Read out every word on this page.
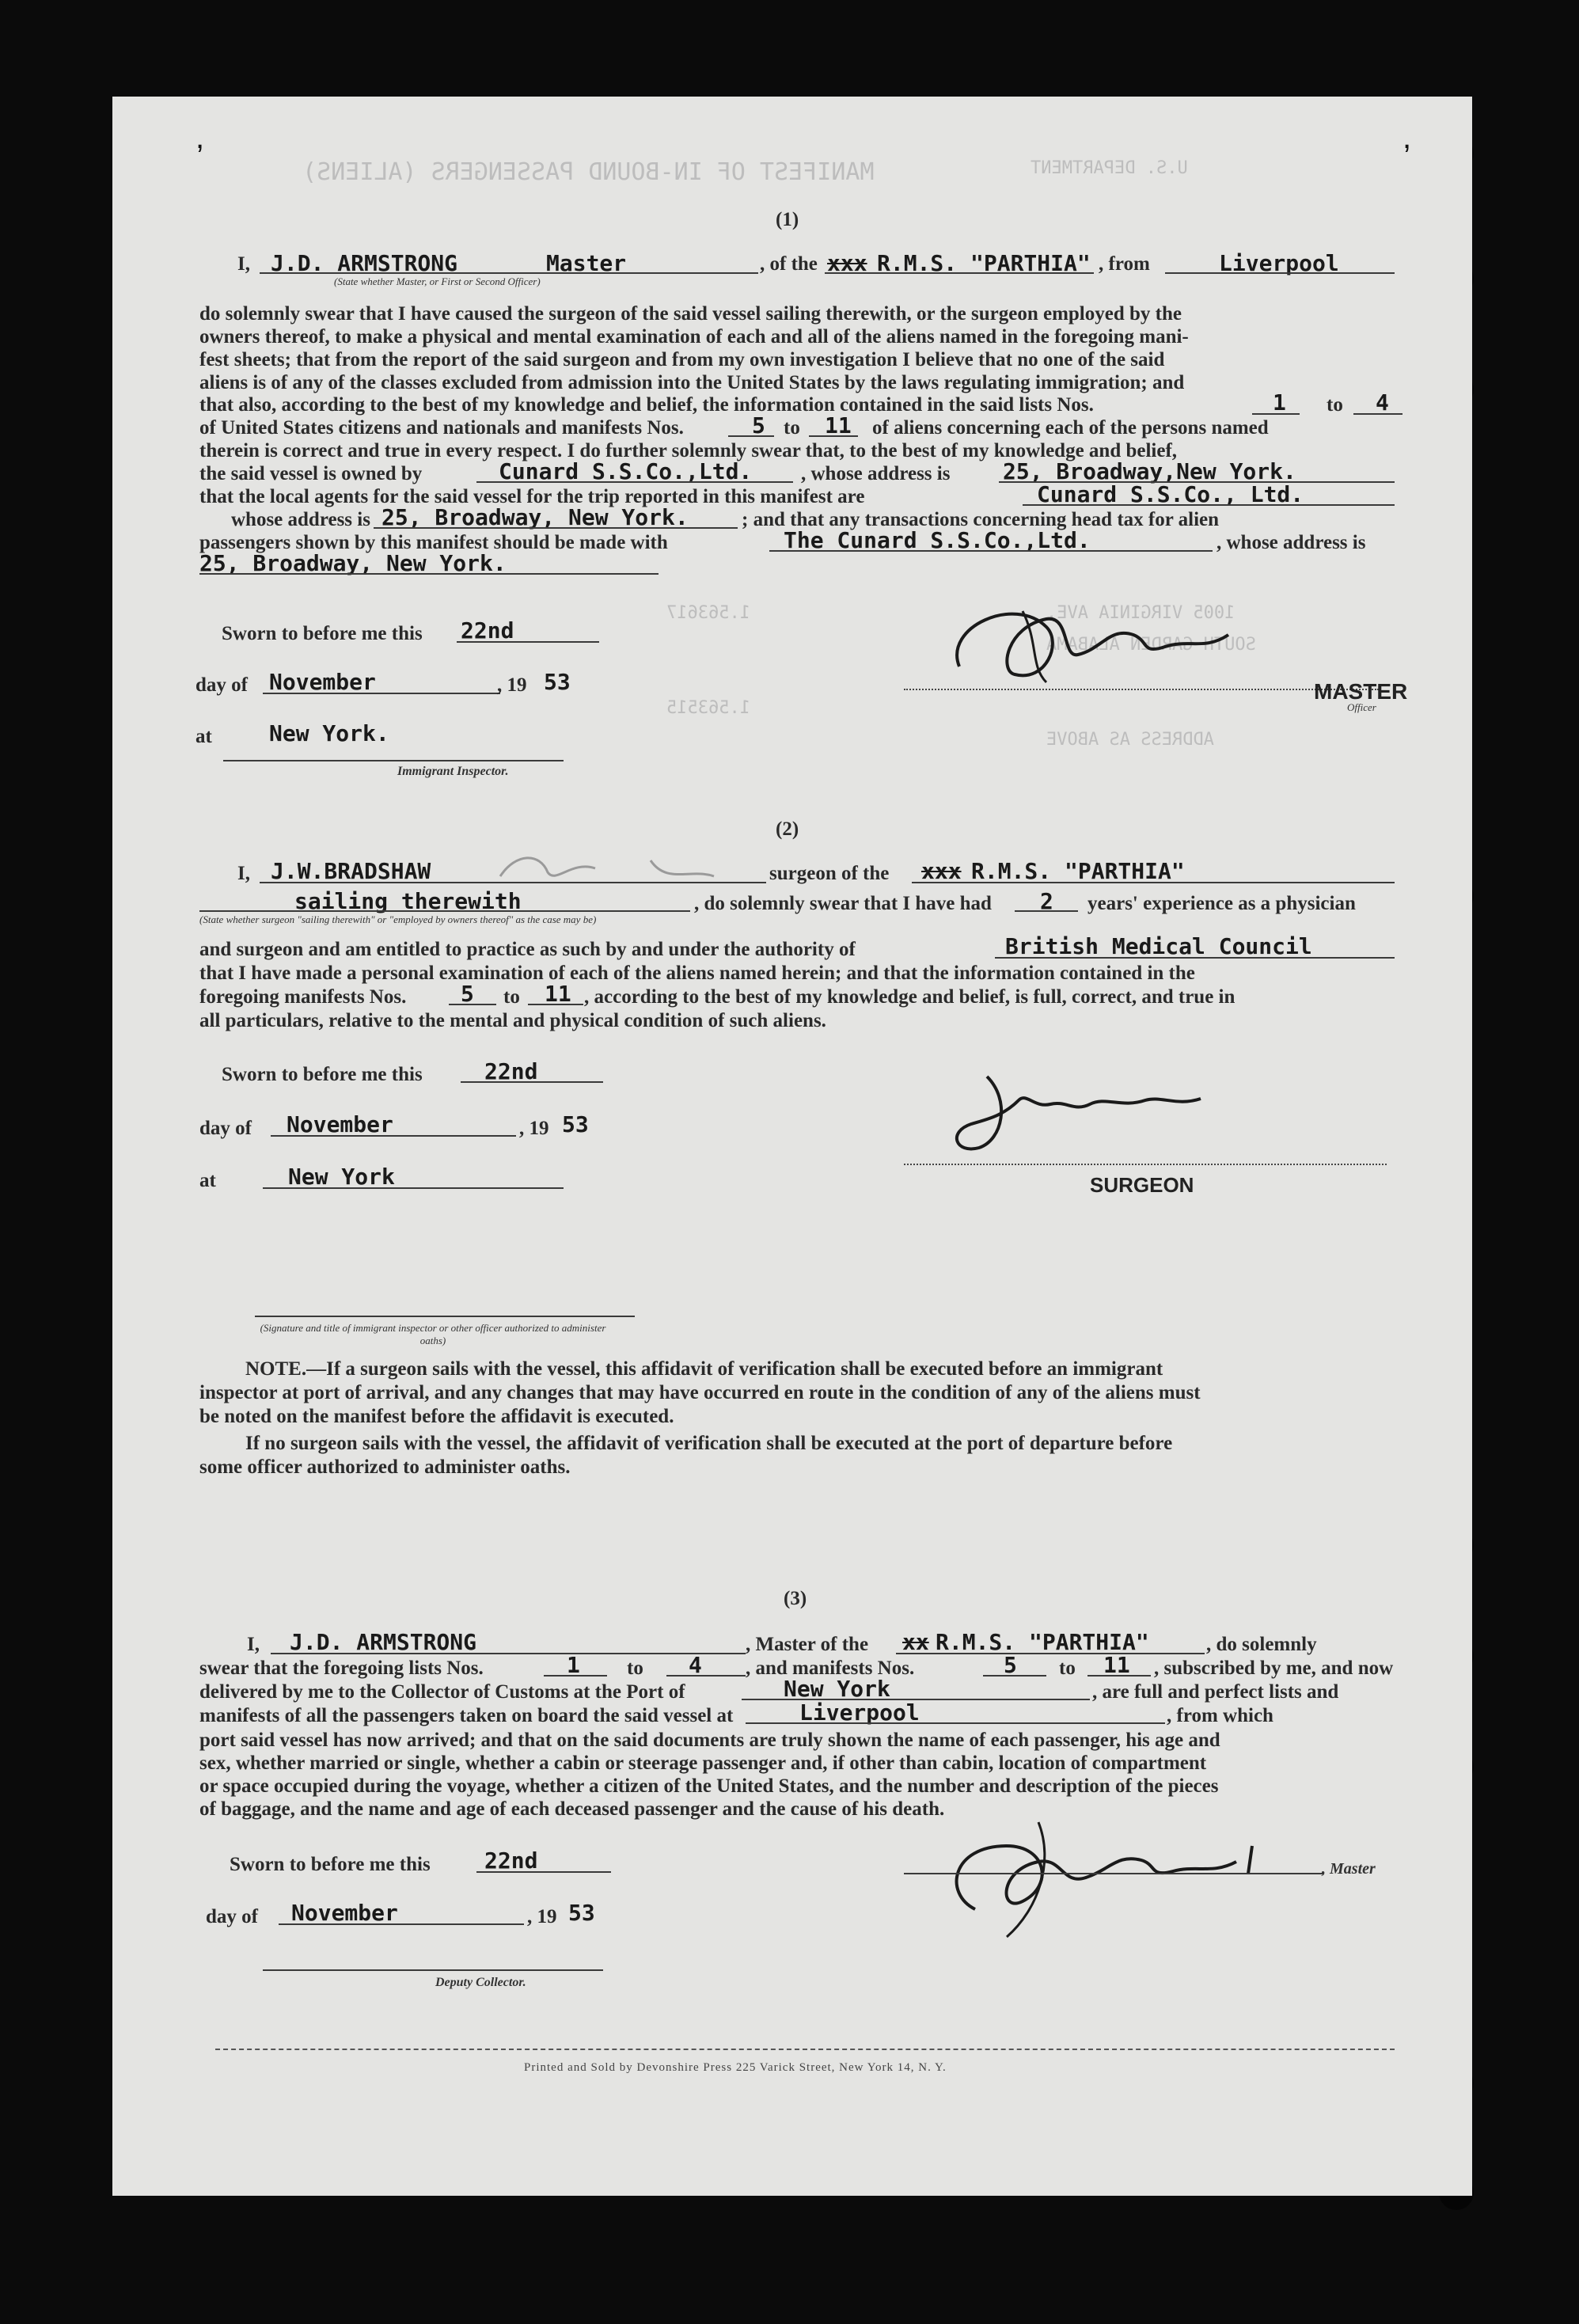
MANIFEST OF IN-BOUND PASSENGERS (ALIENS)	U.S. DEPARTMENT
1005 VIRGINIA AVE.
SOUTH GARDEN ALABAMA
ADDRESS AS ABOVE
1.563617
1.563515
,	,
(1)
I, J.D. ARMSTRONG	Master	, of the xxx R.M.S. "PARTHIA" , from	Liverpool
(State whether Master, or First or Second Officer)
do solemnly swear that I have caused the surgeon of the said vessel sailing therewith, or the surgeon employed by the
owners thereof, to make a physical and mental examination of each and all of the aliens named in the foregoing mani-
fest sheets; that from the report of the said surgeon and from my own investigation I believe that no one of the said
aliens is of any of the classes excluded from admission into the United States by the laws regulating immigration; and
that also, according to the best of my knowledge and belief, the information contained in the said lists Nos.	1 to 4
of United States citizens and nationals and manifests Nos.	5 to 11 of aliens concerning each of the persons named
therein is correct and true in every respect. I do further solemnly swear that, to the best of my knowledge and belief,
the said vessel is owned by	Cunard S.S.Co.,Ltd. , whose address is 25, Broadway,New York.
that the local agents for the said vessel for the trip reported in this manifest are	Cunard S.S.Co., Ltd.
whose address is 25, Broadway, New York.	; and that any transactions concerning head tax for alien
passengers shown by this manifest should be made with	The Cunard S.S.Co.,Ltd.	, whose address is
25, Broadway, New York.
Sworn to before me this 22nd
day of November	, 19 53
at	New York.
Immigrant Inspector.
MASTER
Officer
(2)
I, J.W.BRADSHAW	surgeon of the xxx R.M.S. "PARTHIA"
sailing therewith	, do solemnly swear that I have had 2 years' experience as a physician
(State whether surgeon "sailing therewith" or "employed by owners thereof" as the case may be)
and surgeon and am entitled to practice as such by and under the authority of	British Medical Council
that I have made a personal examination of each of the aliens named herein; and that the information contained in the
foregoing manifests Nos. 5 to 11 , according to the best of my knowledge and belief, is full, correct, and true in
all particulars, relative to the mental and physical condition of such aliens.
Sworn to before me this	22nd
day of November	, 19 53
at	New York	SURGEON
(Signature and title of immigrant inspector or other officer authorized to administer oaths)
NOTE.—If a surgeon sails with the vessel, this affidavit of verification shall be executed before an immigrant
inspector at port of arrival, and any changes that may have occurred en route in the condition of any of the aliens must
be noted on the manifest before the affidavit is executed.
If no surgeon sails with the vessel, the affidavit of verification shall be executed at the port of departure before
some officer authorized to administer oaths.
(3)
I, J.D. ARMSTRONG	, Master of the xx R.M.S. "PARTHIA"	, do solemnly
swear that the foregoing lists Nos.	1 to 4 , and manifests Nos.	5 to 11 , subscribed by me, and now
delivered by me to the Collector of Customs at the Port of	New York	, are full and perfect lists and
manifests of all the passengers taken on board the said vessel at	Liverpool	, from which
port said vessel has now arrived; and that on the said documents are truly shown the name of each passenger, his age and
sex, whether married or single, whether a cabin or steerage passenger and, if other than cabin, location of compartment
or space occupied during the voyage, whether a citizen of the United States, and the number and description of the pieces
of baggage, and the name and age of each deceased passenger and the cause of his death.
Sworn to before me this 22nd
day of November	, 19 53
, Master
Deputy Collector.
Printed and Sold by Devonshire Press 225 Varick Street, New York 14, N. Y.
